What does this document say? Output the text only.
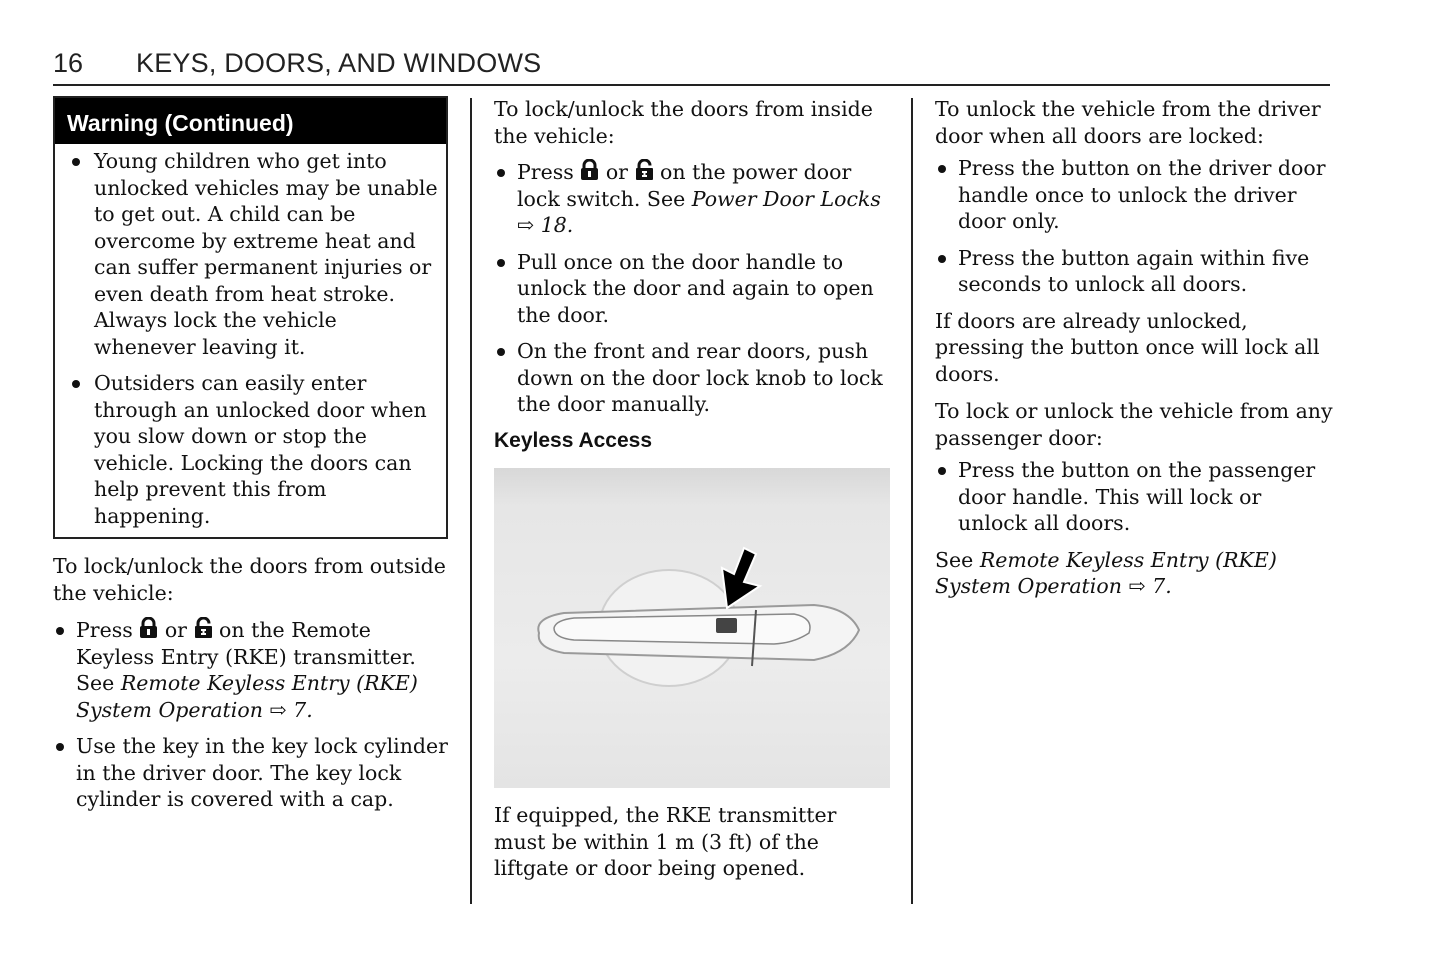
16 KEYS, DOORS, AND WINDOWS
Warning (Continued)
Young children who get into unlocked vehicles may be unable to get out. A child can be overcome by extreme heat and can suffer permanent injuries or even death from heat stroke. Always lock the vehicle whenever leaving it.
Outsiders can easily enter through an unlocked door when you slow down or stop the vehicle. Locking the doors can help prevent this from happening.

To lock/unlock the doors from outside the vehicle:

Press or on the Remote Keyless Entry (RKE) transmitter. See Remote Keyless Entry (RKE) System Operation ⇨ 7.
Use the key in the key lock cylinder in the driver door. The key lock cylinder is covered with a cap.

To lock/unlock the doors from inside the vehicle:

Press or on the power door lock switch. See Power Door Locks ⇨ 18.
Pull once on the door handle to unlock the door and again to open the door.
On the front and rear doors, push down on the door lock knob to lock the door manually.
Keyless Access

If equipped, the RKE transmitter must be within 1 m (3 ft) of the liftgate or door being opened.

To unlock the vehicle from the driver door when all doors are locked:

Press the button on the driver door handle once to unlock the driver door only.
Press the button again within five seconds to unlock all doors.

If doors are already unlocked, pressing the button once will lock all doors.

To lock or unlock the vehicle from any passenger door:

Press the button on the passenger door handle. This will lock or unlock all doors.

See Remote Keyless Entry (RKE) System Operation ⇨ 7.
